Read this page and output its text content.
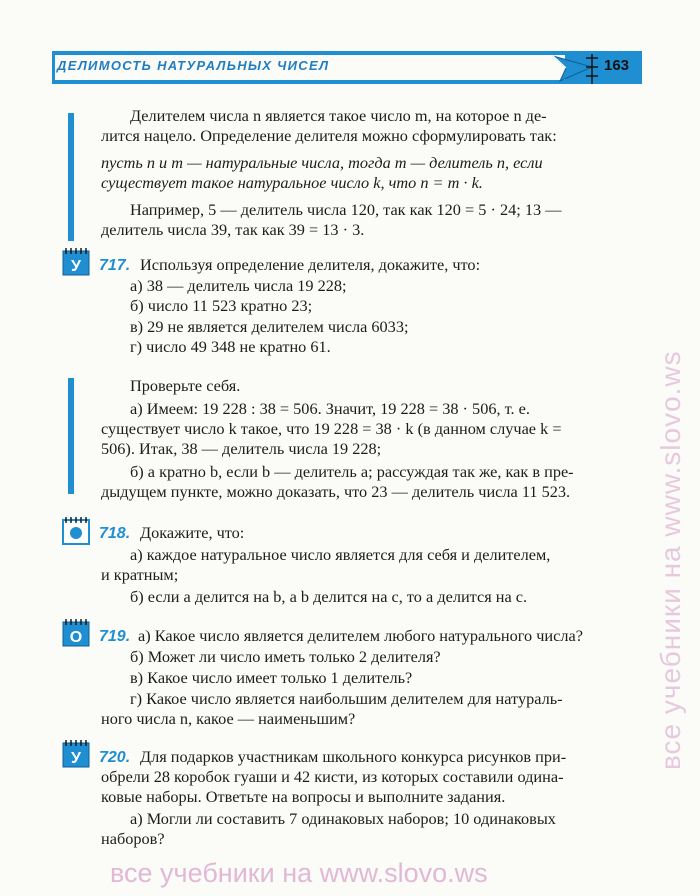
ДЕЛИМОСТЬ НАТУРАЛЬНЫХ ЧИСЕЛ	163
Делителем числа n является такое число m, на которое n де-
лится нацело. Определение делителя можно сформулировать так:
пусть n и m — натуральные числа, тогда m — делитель n, если
существует такое натуральное число k, что n = m · k.
Например, 5 — делитель числа 120, так как 120 = 5 · 24; 13 —
делитель числа 39, так как 39 = 13 · 3.
У 717. Используя определение делителя, докажите, что:
а) 38 — делитель числа 19 228;
б) число 11 523 кратно 23;
в) 29 не является делителем числа 6033;
г) число 49 348 не кратно 61.
Проверьте себя.
а) Имеем: 19 228 : 38 = 506. Значит, 19 228 = 38 · 506, т. е.
существует число k такое, что 19 228 = 38 · k (в данном случае k =
506). Итак, 38 — делитель числа 19 228;
б) a кратно b, если b — делитель a; рассуждая так же, как в пре-
дыдущем пункте, можно доказать, что 23 — делитель числа 11 523.
718. Докажите, что:
а) каждое натуральное число является для себя и делителем,
и кратным;
б) если a делится на b, а b делится на c, то a делится на c.
О 719. а) Какое число является делителем любого натурального числа?
б) Может ли число иметь только 2 делителя?
в) Какое число имеет только 1 делитель?
г) Какое число является наибольшим делителем для натураль-
ного числа n, какое — наименьшим?
У 720. Для подарков участникам школьного конкурса рисунков при-
обрели 28 коробок гуаши и 42 кисти, из которых составили одина-
ковые наборы. Ответьте на вопросы и выполните задания.
а) Могли ли составить 7 одинаковых наборов; 10 одинаковых
наборов?
все учебники на www.slovo.ws
все учебники на www.slovo.ws
